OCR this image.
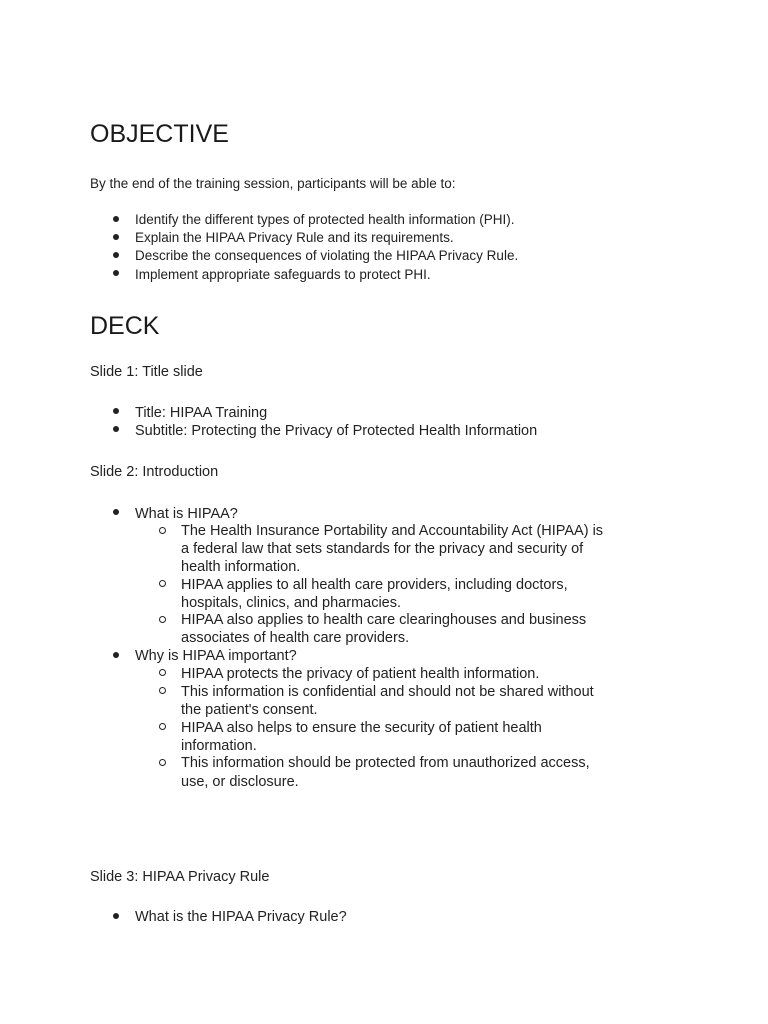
OBJECTIVE
By the end of the training session, participants will be able to:
Identify the different types of protected health information (PHI).
Explain the HIPAA Privacy Rule and its requirements.
Describe the consequences of violating the HIPAA Privacy Rule.
Implement appropriate safeguards to protect PHI.
DECK
Slide 1: Title slide
Title: HIPAA Training
Subtitle: Protecting the Privacy of Protected Health Information
Slide 2: Introduction
What is HIPAA?
The Health Insurance Portability and Accountability Act (HIPAA) is
a federal law that sets standards for the privacy and security of
health information.
HIPAA applies to all health care providers, including doctors,
hospitals, clinics, and pharmacies.
HIPAA also applies to health care clearinghouses and business
associates of health care providers.
Why is HIPAA important?
HIPAA protects the privacy of patient health information.
This information is confidential and should not be shared without
the patient's consent.
HIPAA also helps to ensure the security of patient health
information.
This information should be protected from unauthorized access,
use, or disclosure.
Slide 3: HIPAA Privacy Rule
What is the HIPAA Privacy Rule?
